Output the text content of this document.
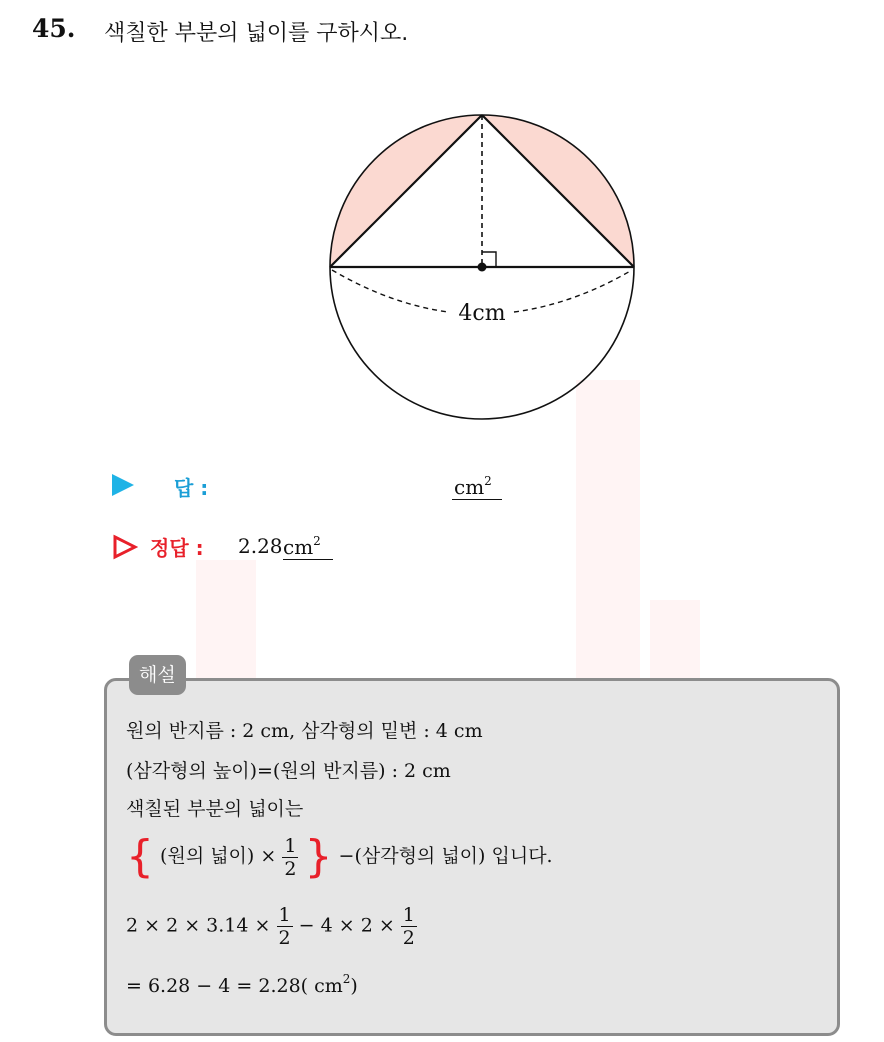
45. 색칠한 부분의 넓이를 구하시오.
4cm
답 :	$cm^2$
정답 : 2.28 $cm^2$
해설
원의 반지름 : 2 cm, 삼각형의 밑변 : 4 cm
(삼각형의 높이)=(원의 반지름) : 2 cm
색칠된 부분의 넓이는
{ (원의 넓이) × $\frac{1}{2}$ } −(삼각형의 넓이) 입니다.
$2 \times 2 \times 3.14 \times \frac{1}{2} - 4 \times 2 \times \frac{1}{2}$
= 6.28 − 4 = 2.28( $cm^2$)
